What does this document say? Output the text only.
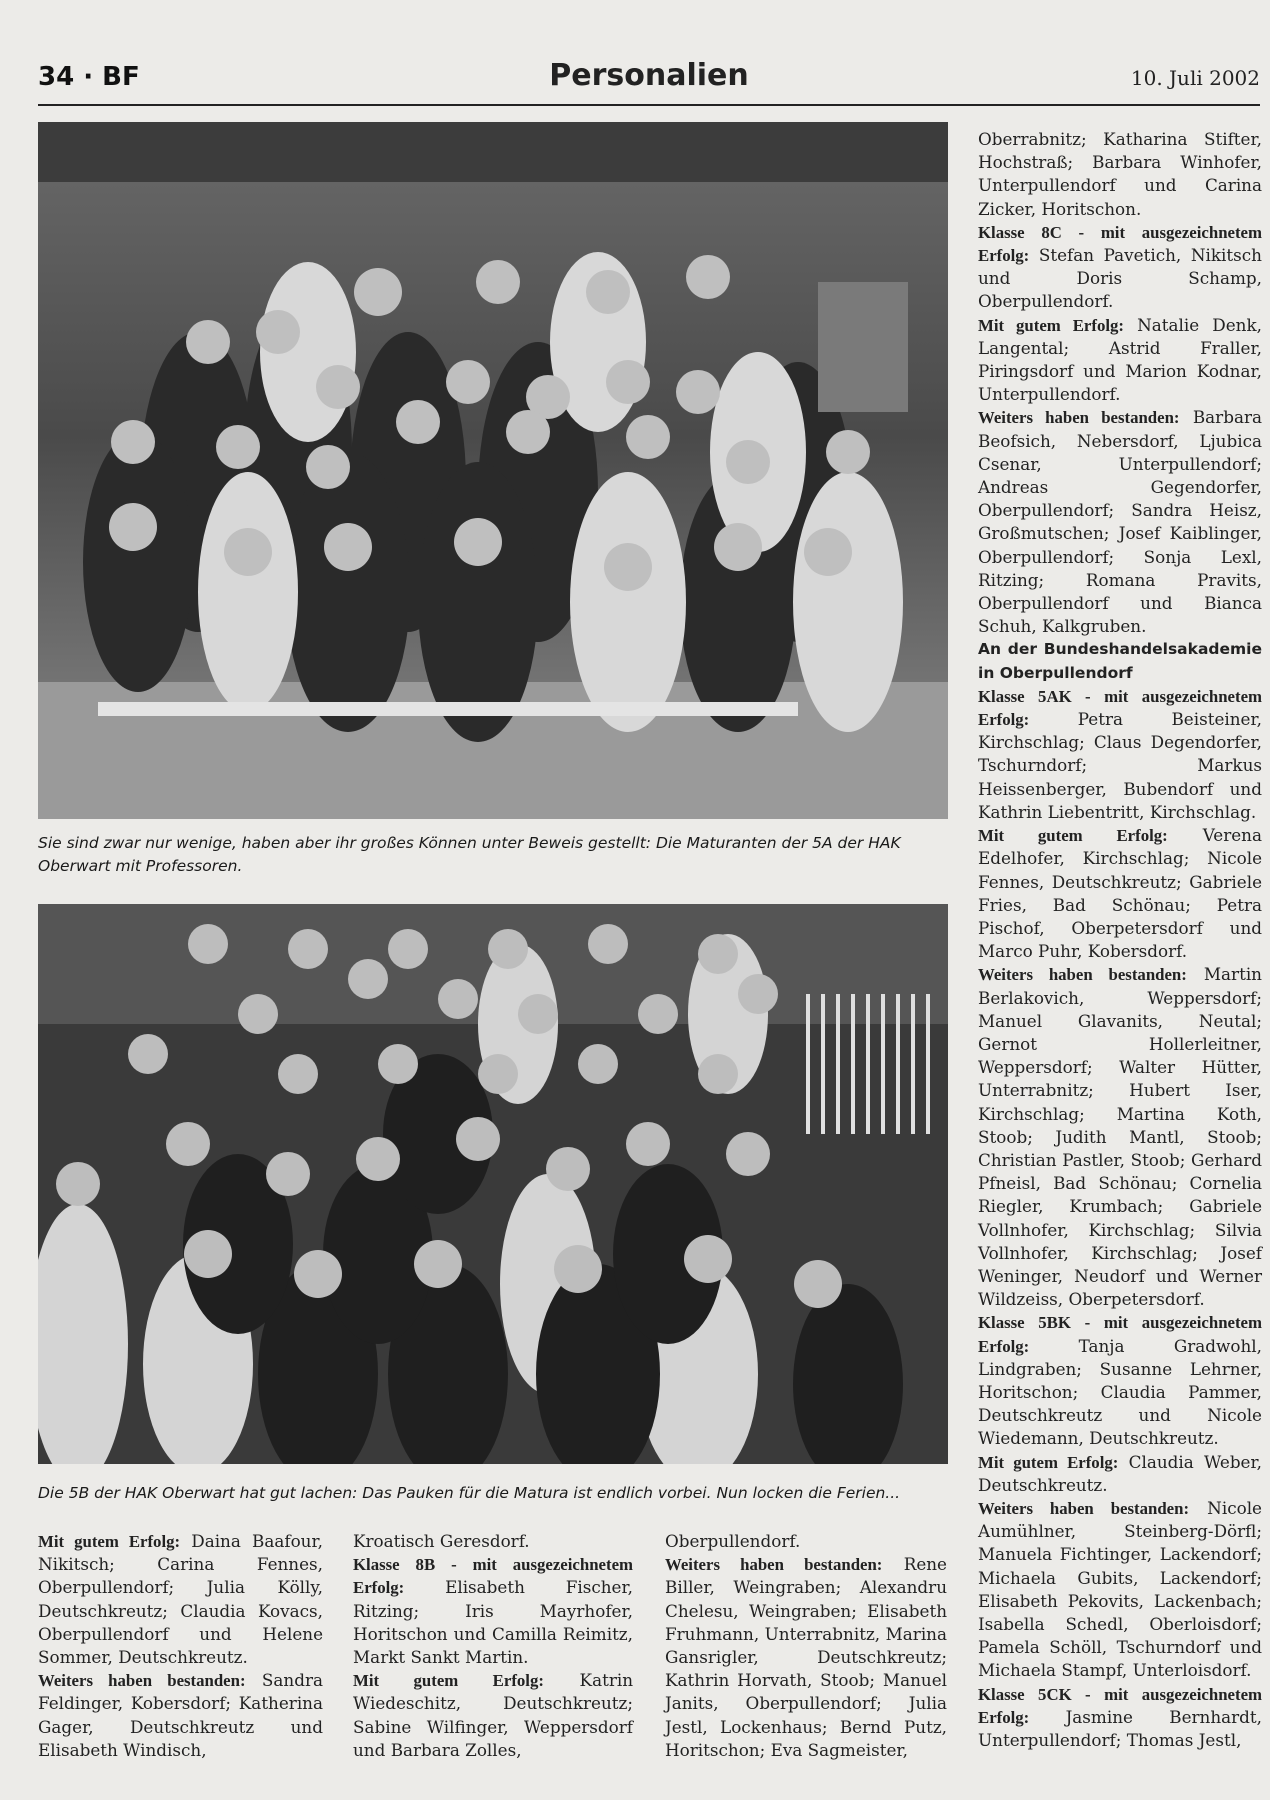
34 · BF	Personalien	10. Juli 2002
Sie sind zwar nur wenige, haben aber ihr großes Können unter Beweis gestellt: Die Maturanten der 5A der HAK Oberwart mit Professoren.
Die 5B der HAK Oberwart hat gut lachen: Das Pauken für die Matura ist endlich vorbei. Nun locken die Ferien...

Oberrabnitz; Katharina Stifter, Hochstraß; Barbara Winhofer, Unterpullendorf und Carina Zicker, Horitschon.

Klasse 8C - mit ausgezeichnetem Erfolg: Stefan Pavetich, Nikitsch und Doris Schamp, Oberpullendorf.

Mit gutem Erfolg: Natalie Denk, Langental; Astrid Fraller, Piringsdorf und Marion Kodnar, Unterpullendorf.

Weiters haben bestanden: Barbara Beofsich, Nebersdorf, Ljubica Csenar, Unterpullendorf; Andreas Gegendorfer, Oberpullendorf; Sandra Heisz, Großmutschen; Josef Kaiblinger, Oberpullendorf; Sonja Lexl, Ritzing; Romana Pravits, Oberpullendorf und Bianca Schuh, Kalkgruben.

An der Bundeshandelsakademie in Oberpullendorf

Klasse 5AK - mit ausgezeichnetem Erfolg:	Petra Beisteiner, Kirchschlag; Claus Degendorfer, Tschurndorf; Markus Heissenberger, Bubendorf und Kathrin Liebentritt, Kirchschlag.

Mit gutem Erfolg: Verena Edelhofer, Kirchschlag; Nicole Fennes, Deutschkreutz; Gabriele Fries, Bad Schönau; Petra Pischof, Oberpetersdorf und Marco Puhr, Kobersdorf.

Weiters haben bestanden: Martin Berlakovich, Weppersdorf; Manuel Glavanits, Neutal; Gernot Hollerleitner, Weppersdorf; Walter Hütter, Unterrabnitz; Hubert Iser, Kirchschlag; Martina Koth, Stoob; Judith Mantl, Stoob; Christian Pastler, Stoob; Gerhard Pfneisl, Bad Schönau; Cornelia Riegler, Krumbach; Gabriele Vollnhofer, Kirchschlag; Silvia Vollnhofer, Kirchschlag; Josef Weninger, Neudorf und Werner Wildzeiss, Oberpetersdorf.

Klasse 5BK - mit ausgezeichnetem Erfolg:	Tanja Gradwohl, Lindgraben; Susanne Lehrner, Horitschon; Claudia Pammer, Deutschkreutz und Nicole Wiedemann, Deutschkreutz.

Mit gutem Erfolg: Claudia Weber, Deutschkreutz.

Weiters haben bestanden: Nicole Aumühlner, Steinberg-Dörfl; Manuela Fichtinger, Lackendorf; Michaela Gubits, Lackendorf; Elisabeth Pekovits, Lackenbach; Isabella Schedl, Oberloisdorf; Pamela Schöll, Tschurndorf und Michaela Stampf, Unterloisdorf.

Klasse 5CK - mit ausgezeichnetem Erfolg: Jasmine Bernhardt, Unterpullendorf; Thomas Jestl,

Mit gutem Erfolg: Daina Baafour, Nikitsch; Carina Fennes, Oberpullendorf; Julia Kölly, Deutschkreutz; Claudia Kovacs, Oberpullendorf und Helene Sommer, Deutschkreutz.

Weiters haben bestanden: Sandra Feldinger, Kobersdorf; Katherina Gager, Deutschkreutz und Elisabeth Windisch,

Kroatisch Geresdorf.

Klasse 8B - mit ausgezeichnetem Erfolg: Elisabeth Fischer, Ritzing; Iris Mayrhofer, Horitschon und Camilla Reimitz, Markt Sankt Martin.

Mit gutem Erfolg: Katrin Wiedeschitz, Deutschkreutz; Sabine Wilfinger, Weppersdorf und Barbara Zolles,

Oberpullendorf.

Weiters haben bestanden: Rene Biller, Weingraben; Alexandru Chelesu, Weingraben; Elisabeth Fruhmann, Unterrabnitz, Marina Gansrigler, Deutschkreutz; Kathrin Horvath, Stoob; Manuel Janits, Oberpullendorf; Julia Jestl, Lockenhaus; Bernd Putz, Horitschon; Eva Sagmeister,
